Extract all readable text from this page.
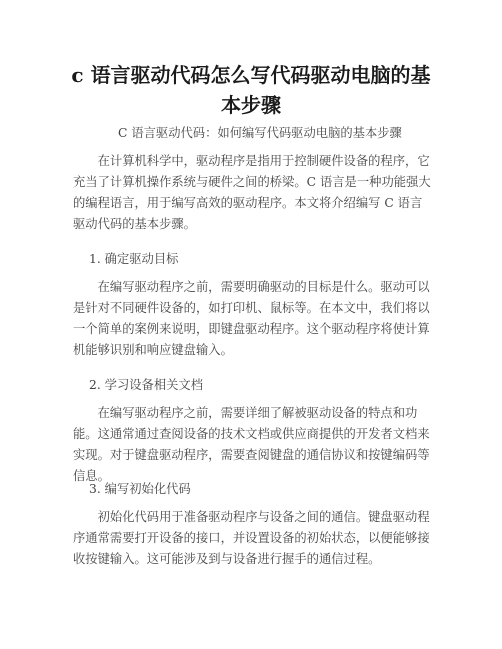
c 语言驱动代码怎么写代码驱动电脑的基本步骤

C 语言驱动代码：如何编写代码驱动电脑的基本步骤

在计算机科学中，驱动程序是指用于控制硬件设备的程序，它充当了计算机操作系统与硬件之间的桥梁。C 语言是一种功能强大的编程语言，用于编写高效的驱动程序。本文将介绍编写 C 语言驱动代码的基本步骤。

1. 确定驱动目标

在编写驱动程序之前，需要明确驱动的目标是什么。驱动可以是针对不同硬件设备的，如打印机、鼠标等。在本文中，我们将以一个简单的案例来说明，即键盘驱动程序。这个驱动程序将使计算机能够识别和响应键盘输入。

2. 学习设备相关文档

在编写驱动程序之前，需要详细了解被驱动设备的特点和功能。这通常通过查阅设备的技术文档或供应商提供的开发者文档来实现。对于键盘驱动程序，需要查阅键盘的通信协议和按键编码等信息。

3. 编写初始化代码

初始化代码用于准备驱动程序与设备之间的通信。键盘驱动程序通常需要打开设备的接口，并设置设备的初始状态，以便能够接收按键输入。这可能涉及到与设备进行握手的通信过程。
